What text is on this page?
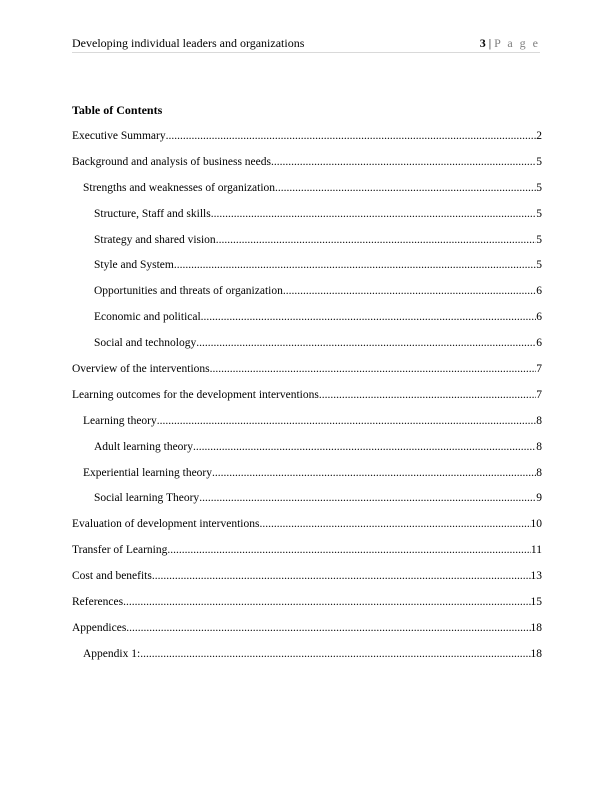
Developing individual leaders and organizations	3 | P a g e
Table of Contents
Executive Summary .....	2
Background and analysis of business needs .....	5
Strengths and weaknesses of organization .....	5
Structure, Staff and skills .....	5
Strategy and shared vision .....	5
Style and System .....	5
Opportunities and threats of organization .....	6
Economic and political .....	6
Social and technology .....	6
Overview of the interventions .....	7
Learning outcomes for the development interventions .....	7
Learning theory .....	8
Adult learning theory .....	8
Experiential learning theory .....	8
Social learning Theory .....	9
Evaluation of development interventions .....	10
Transfer of Learning .....	11
Cost and benefits .....	13
References .....	15
Appendices .....	18
Appendix 1: .....	18
